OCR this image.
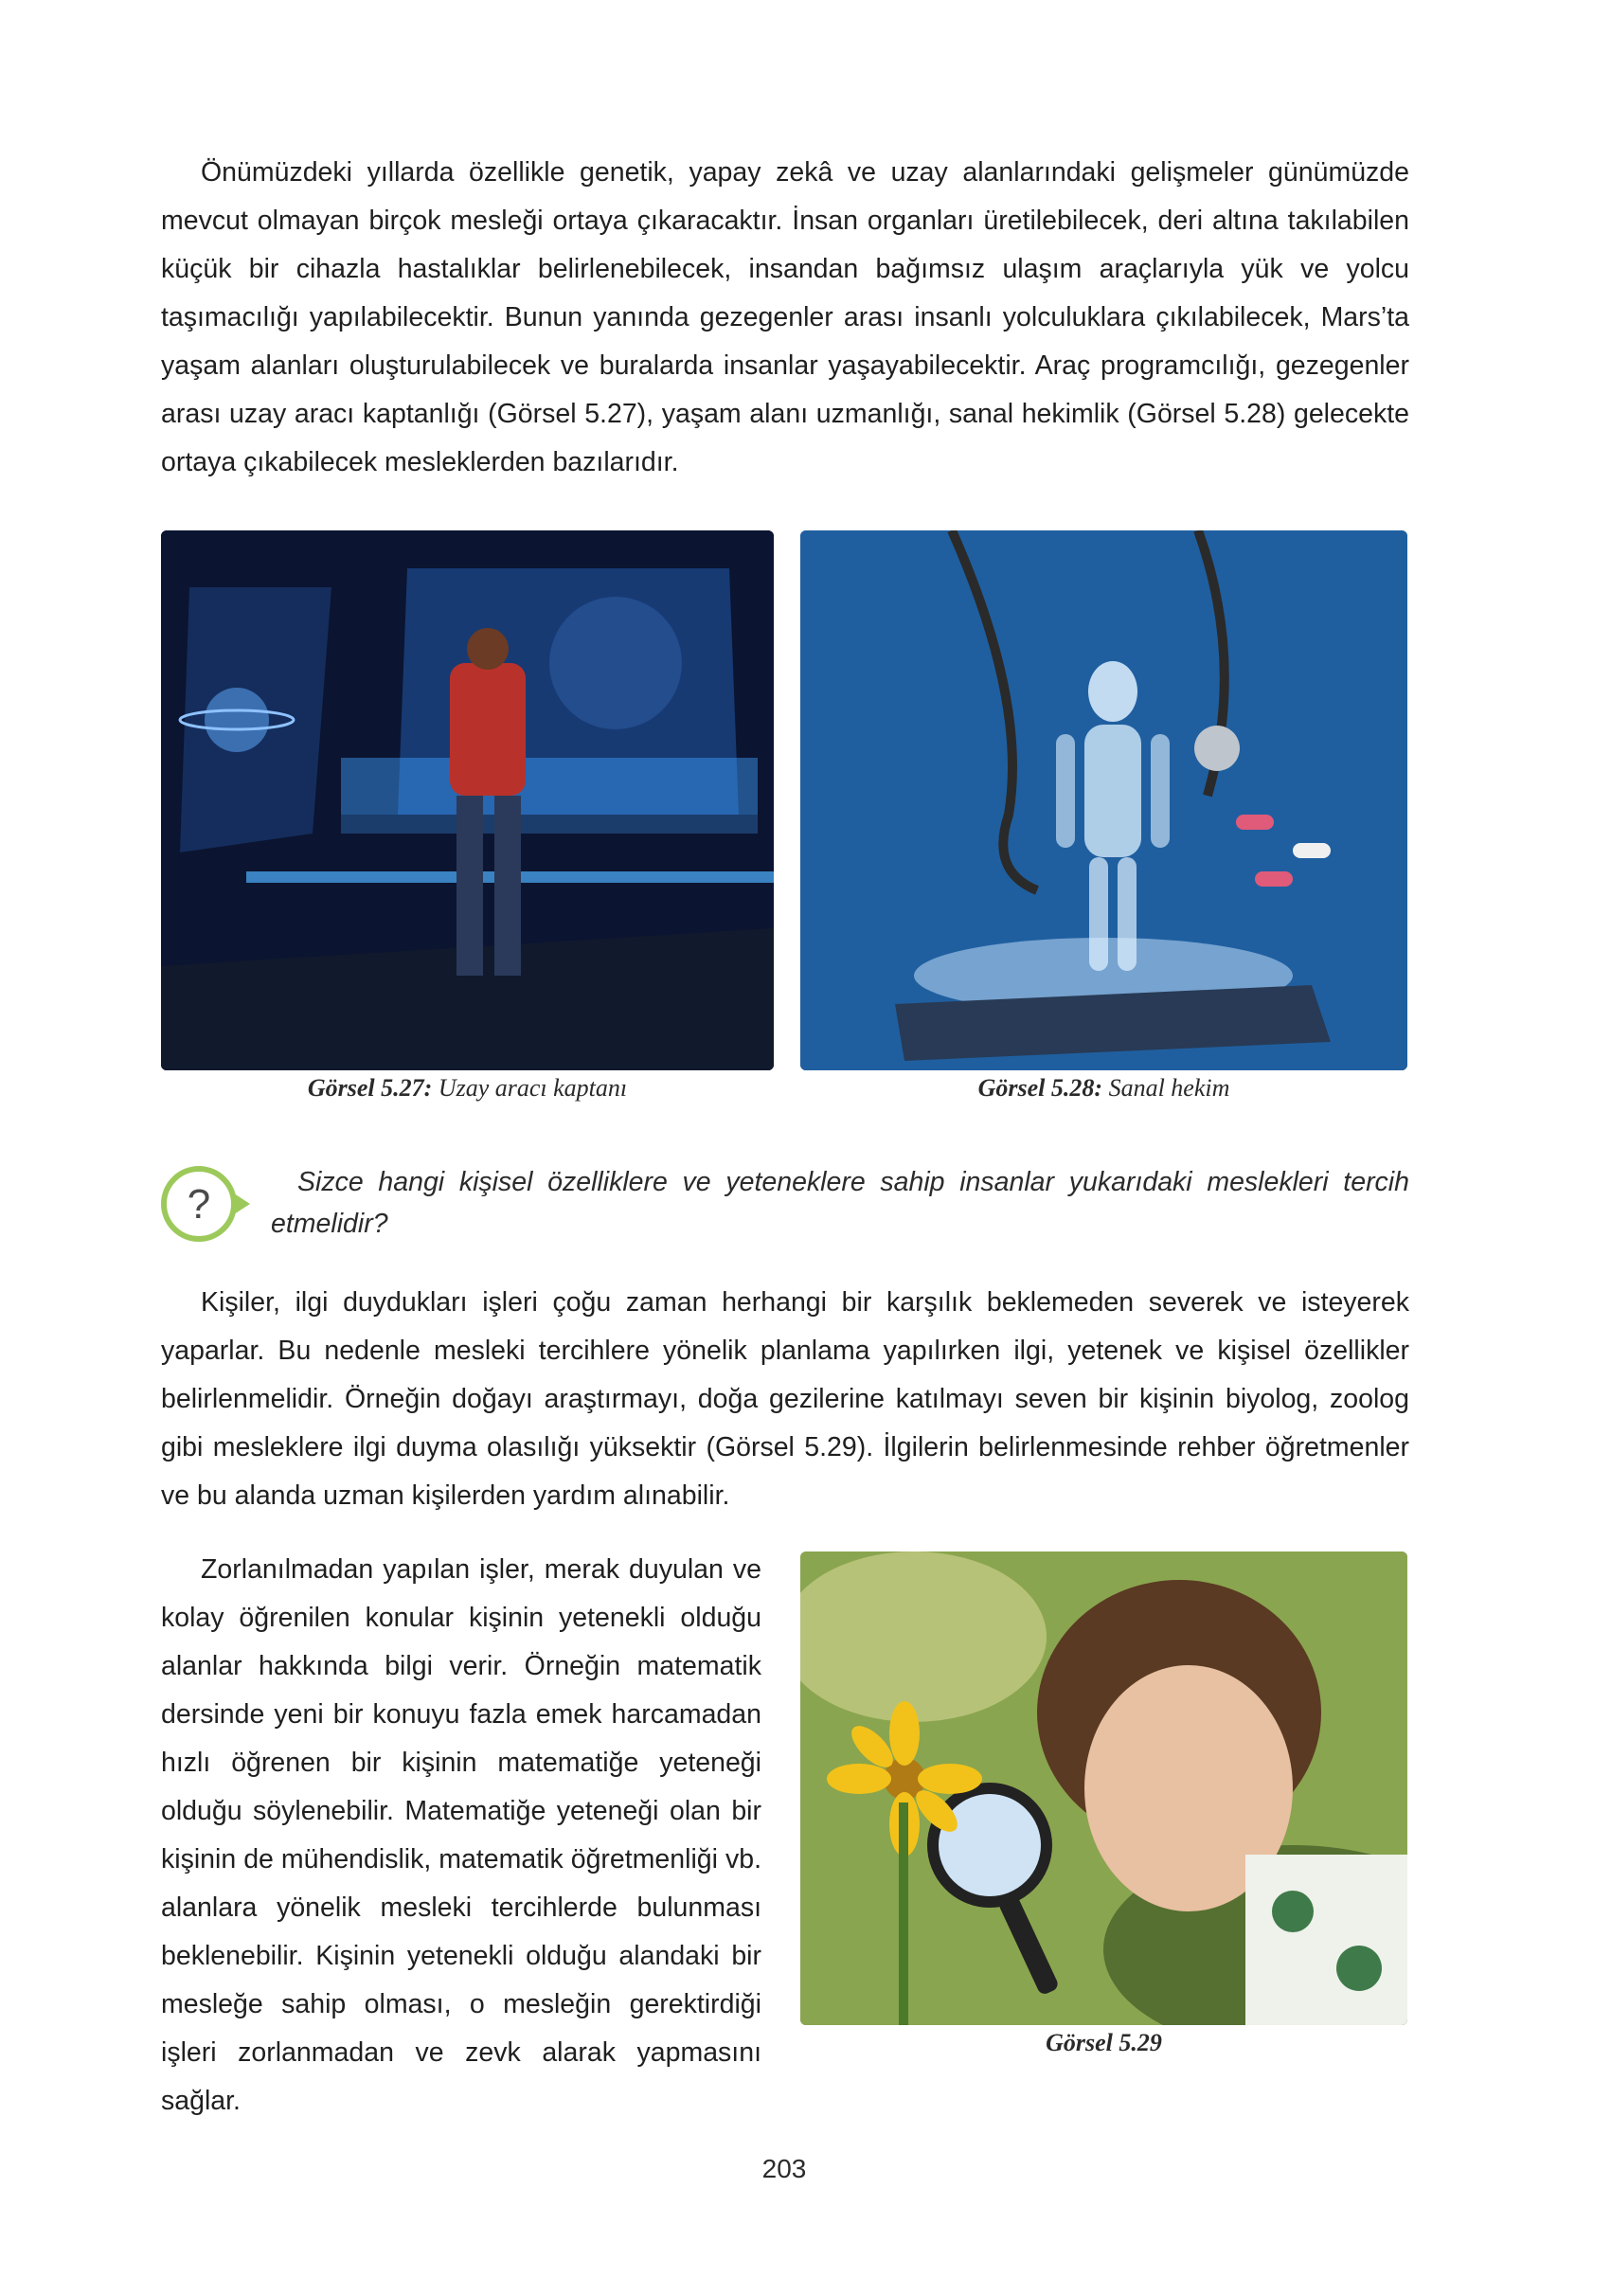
Önümüzdeki yıllarda özellikle genetik, yapay zekâ ve uzay alanlarındaki gelişmeler günümüzde mevcut olmayan birçok mesleği ortaya çıkaracaktır. İnsan organları üretilebilecek, deri altına takılabilen küçük bir cihazla hastalıklar belirlenebilecek, insandan bağımsız ulaşım araçlarıyla yük ve yolcu taşımacılığı yapılabilecektir. Bunun yanında gezegenler arası insanlı yolculuklara çıkılabilecek, Mars’ta yaşam alanları oluşturulabilecek ve buralarda insanlar yaşayabilecektir. Araç programcılığı, gezegenler arası uzay aracı kaptanlığı (Görsel 5.27), yaşam alanı uzmanlığı, sanal hekimlik (Görsel 5.28) gelecekte ortaya çıkabilecek mesleklerden bazılarıdır.

Görsel 5.27: Uzay aracı kaptanı	Görsel 5.28: Sanal hekim
?	Sizce hangi kişisel özelliklere ve yeteneklere sahip insanlar yukarıdaki meslekleri tercih etmelidir?

Kişiler, ilgi duydukları işleri çoğu zaman herhangi bir karşılık beklemeden severek ve isteyerek yaparlar. Bu nedenle mesleki tercihlere yönelik planlama yapılırken ilgi, yetenek ve kişisel özellikler belirlenmelidir. Örneğin doğayı araştırmayı, doğa gezilerine katılmayı seven bir kişinin biyolog, zoolog gibi mesleklere ilgi duyma olasılığı yüksektir (Görsel 5.29). İlgilerin belirlenmesinde rehber öğretmenler ve bu alanda uzman kişilerden yardım alınabilir.

Zorlanılmadan yapılan işler, merak duyulan ve kolay öğrenilen konular kişinin yetenekli olduğu alanlar hakkında bilgi verir. Örneğin matematik dersinde yeni bir konuyu fazla emek harcamadan hızlı öğrenen bir kişinin matematiğe yeteneği olduğu söylenebilir. Matematiğe yeteneği olan bir kişinin de mühendislik, matematik öğretmenliği vb. alanlara yönelik mesleki tercihlerde bulunması beklenebilir. Kişinin yetenekli olduğu alandaki bir mesleğe sahip olması, o mesleğin gerektirdiği işleri zorlanmadan ve zevk alarak yapmasını sağlar.

Görsel 5.29
203
